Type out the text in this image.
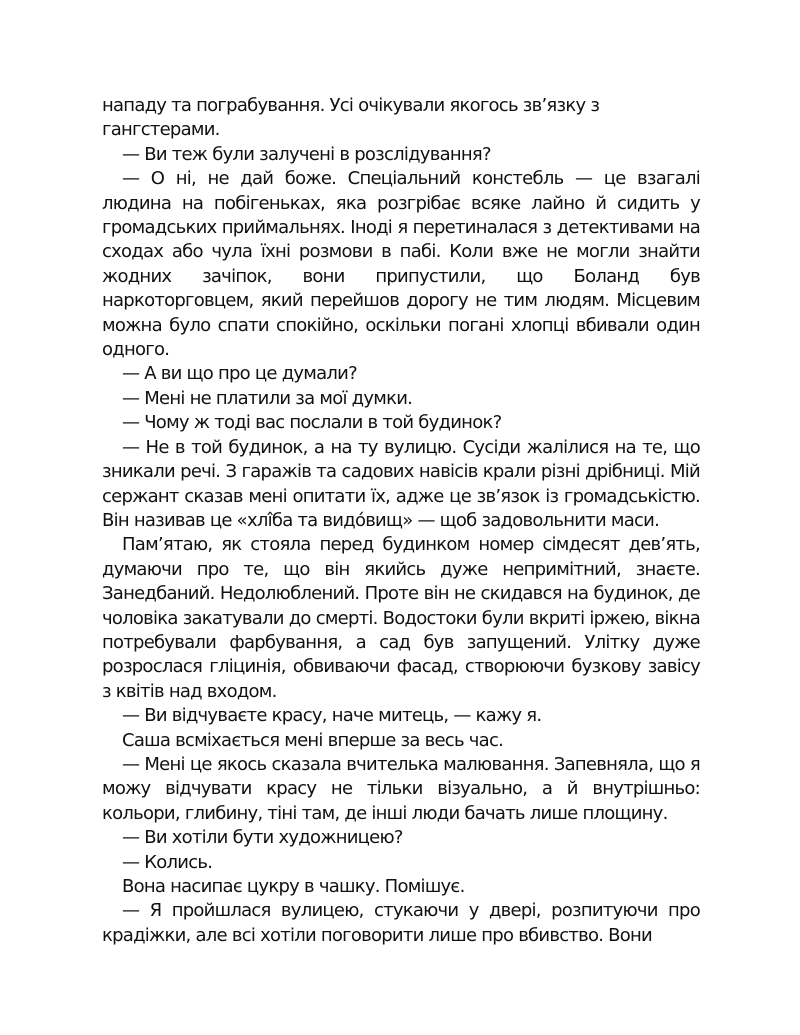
нападу та пограбування. Усі очікували якогось зв’язку з гангстерами.

— Ви теж були залучені в розслідування?

— О ні, не дай боже. Спеціальний констебль — це взагалі людина на побігеньках, яка розгрібає всяке лайно й сидить у громадських приймальнях. Іноді я перетиналася з детективами на сходах або чула їхні розмови в пабі. Коли вже не могли знайти жодних зачіпок, вони припустили, що Боланд був наркоторговцем, який перейшов дорогу не тим людям. Місцевим можна було спати спокійно, оскільки погані хлопці вбивали один одного.

— А ви що про це думали?

— Мені не платили за мої думки.

— Чому ж тоді вас послали в той будинок?

— Не в той будинок, а на ту вулицю. Сусіди жалілися на те, що зникали речі. З гаражів та садових навісів крали різні дрібниці. Мій сержант сказав мені опитати їх, адже це зв’язок із громадськістю. Він називав це «хлі̂ба та видо́вищ» — щоб задовольнити маси.

Пам’ятаю, як стояла перед будинком номер сімдесят дев’ять, думаючи про те, що він якийсь дуже непримітний, знаєте. Занедбаний. Недолюблений. Проте він не скидався на будинок, де чоловіка закатували до смерті. Водостоки були вкриті іржею, вікна потребували фарбування, а сад був запущений. Улітку дуже розрослася гліцинія, обвиваючи фасад, створюючи бузкову завісу з квітів над входом.

— Ви відчуваєте красу, наче митець, — кажу я.

Саша всміхається мені вперше за весь час.

— Мені це якось сказала вчителька малювання. Запевняла, що я можу відчувати красу не тільки візуально, а й внутрішньо: кольори, глибину, тіні там, де інші люди бачать лише площину.

— Ви хотіли бути художницею?

— Колись.

Вона насипає цукру в чашку. Помішує.

— Я пройшлася вулицею, стукаючи у двері, розпитуючи про крадіжки, але всі хотіли поговорити лише про вбивство. Вони
